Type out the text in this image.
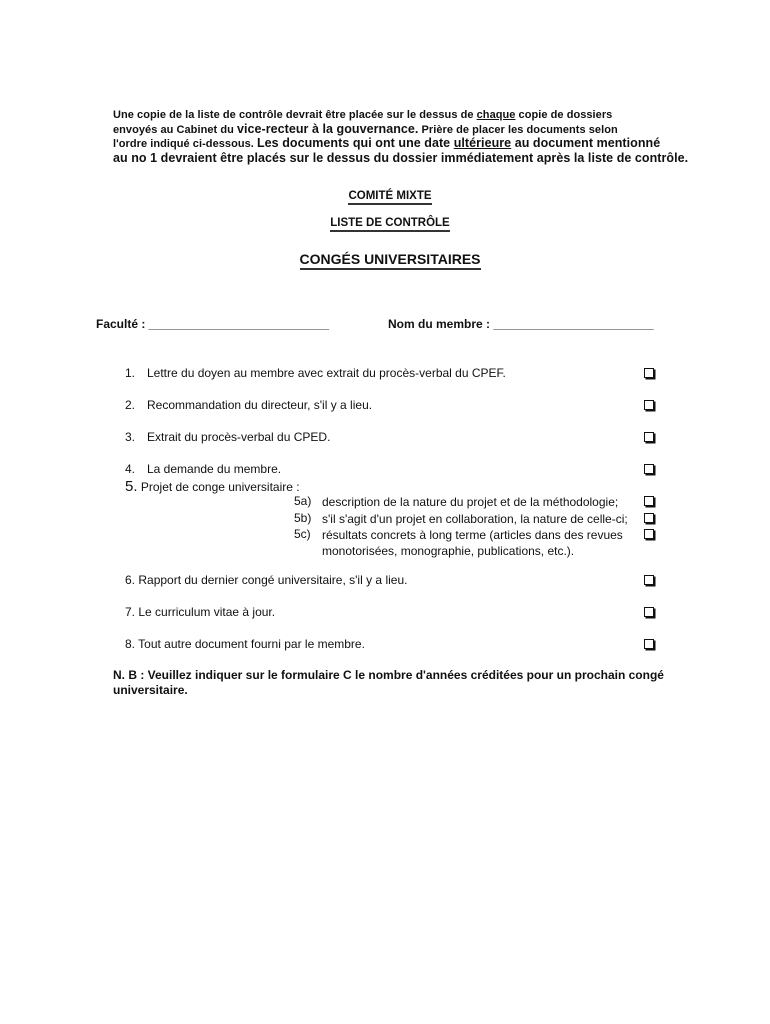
Une copie de la liste de contrôle devrait être placée sur le dessus de chaque copie de dossiers
envoyés au Cabinet du vice-recteur à la gouvernance. Prière de placer les documents selon
l'ordre indiqué ci-dessous. Les documents qui ont une date ultérieure au document mentionné
au no 1 devraient être placés sur le dessus du dossier immédiatement après la liste de contrôle.
COMITÉ MIXTE
LISTE DE CONTRÔLE
CONGÉS UNIVERSITAIRES
Faculté : ___________________________	Nom du membre : ________________________
1. Lettre du doyen au membre avec extrait du procès-verbal du CPEF.
2. Recommandation du directeur, s'il y a lieu.
3. Extrait du procès-verbal du CPED.
4. La demande du membre.
5. Projet de conge universitaire :
5a) description de la nature du projet et de la méthodologie;
5b) s'il s'agit d'un projet en collaboration, la nature de celle-ci;
5c) résultats concrets à long terme (articles dans des revues
monotorisées, monographie, publications, etc.).
6. Rapport du dernier congé universitaire, s'il y a lieu.
7. Le curriculum vitae à jour.
8. Tout autre document fourni par le membre.
N. B : Veuillez indiquer sur le formulaire C le nombre d'années créditées pour un prochain congé universitaire.
